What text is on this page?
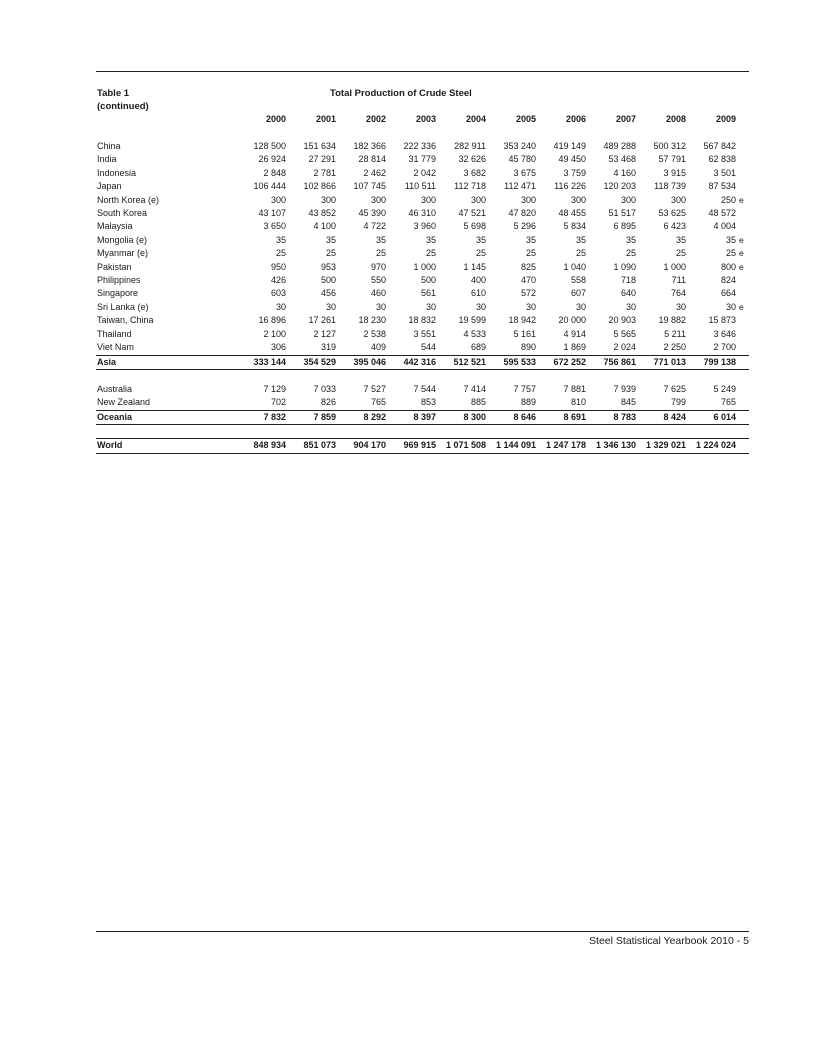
Table 1
(continued)
Total Production of Crude Steel
	2000	2001	2002	2003	2004	2005	2006	2007	2008	2009	

China	128 500	151 634	182 366	222 336	282 911	353 240	419 149	489 288	500 312	567 842	
India	26 924	27 291	28 814	31 779	32 626	45 780	49 450	53 468	57 791	62 838	
Indonesia	2 848	2 781	2 462	2 042	3 682	3 675	3 759	4 160	3 915	3 501	
Japan	106 444	102 866	107 745	110 511	112 718	112 471	116 226	120 203	118 739	87 534	
North Korea (e)	300	300	300	300	300	300	300	300	300	250	e
South Korea	43 107	43 852	45 390	46 310	47 521	47 820	48 455	51 517	53 625	48 572	
Malaysia	3 650	4 100	4 722	3 960	5 698	5 296	5 834	6 895	6 423	4 004	
Mongolia (e)	35	35	35	35	35	35	35	35	35	35	e
Myanmar (e)	25	25	25	25	25	25	25	25	25	25	e
Pakistan	950	953	970	1 000	1 145	825	1 040	1 090	1 000	800	e
Philippines	426	500	550	500	400	470	558	718	711	824	
Singapore	603	456	460	561	610	572	607	640	764	664	
Sri Lanka (e)	30	30	30	30	30	30	30	30	30	30	e
Taiwan, China	16 896	17 261	18 230	18 832	19 599	18 942	20 000	20 903	19 882	15 873	
Thailand	2 100	2 127	2 538	3 551	4 533	5 161	4 914	5 565	5 211	3 646	
Viet Nam	306	319	409	544	689	890	1 869	2 024	2 250	2 700	
Asia	333 144	354 529	395 046	442 316	512 521	595 533	672 252	756 861	771 013	799 138	

Australia	7 129	7 033	7 527	7 544	7 414	7 757	7 881	7 939	7 625	5 249	
New Zealand	702	826	765	853	885	889	810	845	799	765	
Oceania	7 832	7 859	8 292	8 397	8 300	8 646	8 691	8 783	8 424	6 014	

World	848 934	851 073	904 170	969 915	1 071 508	1 144 091	1 247 178	1 346 130	1 329 021	1 224 024	
Steel Statistical Yearbook 2010 - 5
